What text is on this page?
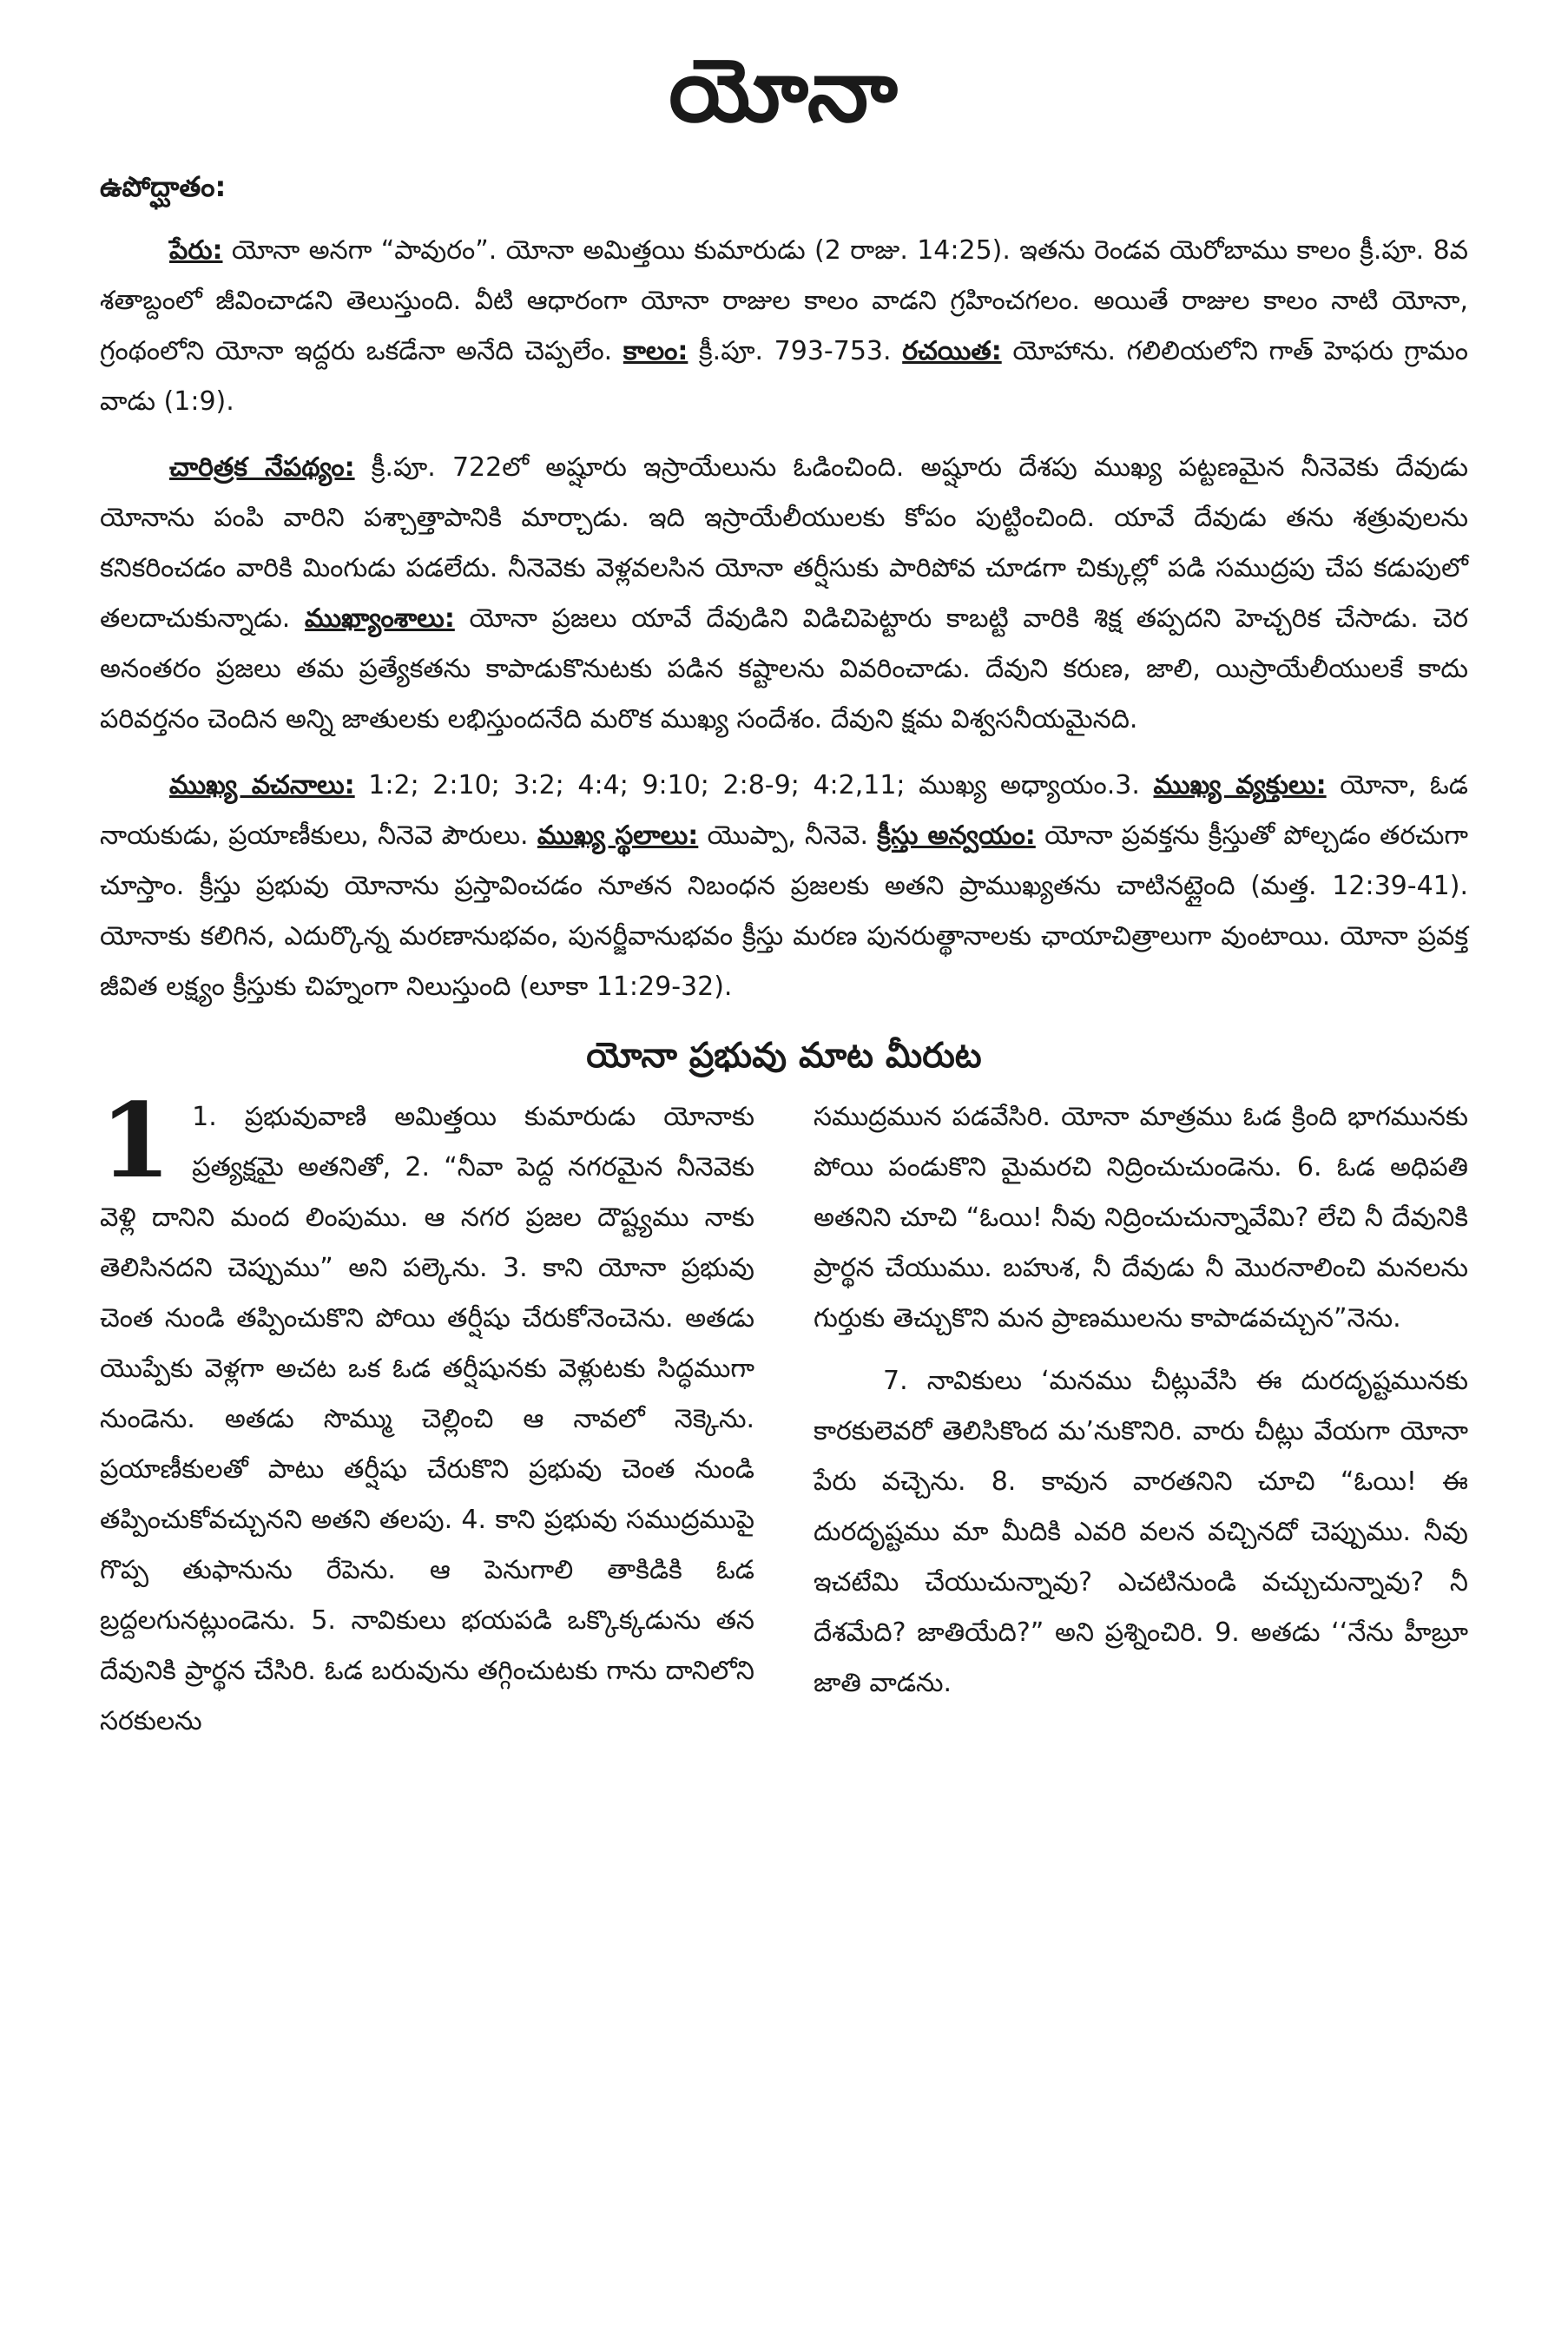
యోనా
ఉపోద్ఘాతం:

పేరు: యోనా అనగా “పావురం”. యోనా అమిత్తయి కుమారుడు (2 రాజు. 14:25). ఇతను రెండవ యెరోబాము కాలం క్రీ.పూ. 8వ శతాబ్దంలో జీవించాడని తెలుస్తుంది. వీటి ఆధారంగా యోనా రాజుల కాలం వాడని గ్రహించగలం. అయితే రాజుల కాలం నాటి యోనా, గ్రంథంలోని యోనా ఇద్దరు ఒకడేనా అనేది చెప్పలేం. కాలం: క్రీ.పూ. 793-753. రచయిత: యోహాను. గలిలియలోని గాత్ హెఫరు గ్రామం వాడు (1:9).

చారిత్రక నేపథ్యం: క్రీ.పూ. 722లో అష్షూరు ఇస్రాయేలును ఓడించింది. అష్షూరు దేశపు ముఖ్య పట్టణమైన నీనెవెకు దేవుడు యోనాను పంపి వారిని పశ్చాత్తాపానికి మార్చాడు. ఇది ఇస్రాయేలీయులకు కోపం పుట్టించింది. యావే దేవుడు తను శత్రువులను కనికరించడం వారికి మింగుడు పడలేదు. నీనెవెకు వెళ్లవలసిన యోనా తర్షీసుకు పారిపోవ చూడగా చిక్కుల్లో పడి సముద్రపు చేప కడుపులో తలదాచుకున్నాడు. ముఖ్యాంశాలు: యోనా ప్రజలు యావే దేవుడిని విడిచిపెట్టారు కాబట్టి వారికి శిక్ష తప్పదని హెచ్చరిక చేసాడు. చెర అనంతరం ప్రజలు తమ ప్రత్యేకతను కాపాడుకొనుటకు పడిన కష్టాలను వివరించాడు. దేవుని కరుణ, జాలి, యిస్రాయేలీయులకే కాదు పరివర్తనం చెందిన అన్ని జాతులకు లభిస్తుందనేది మరొక ముఖ్య సందేశం. దేవుని క్షమ విశ్వసనీయమైనది.

ముఖ్య వచనాలు: 1:2; 2:10; 3:2; 4:4; 9:10; 2:8-9; 4:2,11; ముఖ్య అధ్యాయం.3. ముఖ్య వ్యక్తులు: యోనా, ఓడ నాయకుడు, ప్రయాణీకులు, నీనెవె పౌరులు. ముఖ్య స్థలాలు: యొప్పా, నీనెవె. క్రీస్తు అన్వయం: యోనా ప్రవక్తను క్రీస్తుతో పోల్చడం తరచుగా చూస్తాం. క్రీస్తు ప్రభువు యోనాను ప్రస్తావించడం నూతన నిబంధన ప్రజలకు అతని ప్రాముఖ్యతను చాటినట్లైంది (మత్త. 12:39-41). యోనాకు కలిగిన, ఎదుర్కొన్న మరణానుభవం, పునర్జీవానుభవం క్రీస్తు మరణ పునరుత్థానాలకు ఛాయాచిత్రాలుగా వుంటాయి. యోనా ప్రవక్త జీవిత లక్ష్యం క్రీస్తుకు చిహ్నంగా నిలుస్తుంది (లూకా 11:29-32).

యోనా ప్రభువు మాట మీరుట

1 1. ప్రభువువాణి అమిత్తయి కుమారుడు యోనాకు ప్రత్యక్షమై అతనితో, 2. “నీవా పెద్ద నగరమైన నీనెవెకు వెళ్లి దానిని మంద లింపుము. ఆ నగర ప్రజల దౌష్ట్యము నాకు తెలిసినదని చెప్పుము” అని పల్కెను. 3. కాని యోనా ప్రభువు చెంత నుండి తప్పించుకొని పోయి తర్షీషు చేరుకోనెంచెను. అతడు యొప్పేకు వెళ్లగా అచట ఒక ఓడ తర్షీషునకు వెళ్లుటకు సిద్ధముగా నుండెను. అతడు సొమ్ము చెల్లించి ఆ నావలో నెక్కెను. ప్రయాణీకులతో పాటు తర్షీషు చేరుకొని ప్రభువు చెంత నుండి తప్పించుకోవచ్చునని అతని తలపు. 4. కాని ప్రభువు సముద్రముపై గొప్ప తుఫానును రేపెను. ఆ పెనుగాలి తాకిడికి ఓడ బ్రద్దలగునట్లుండెను. 5. నావికులు భయపడి ఒక్కొక్కడును తన దేవునికి ప్రార్థన చేసిరి. ఓడ బరువును తగ్గించుటకు గాను దానిలోని సరకులను

సముద్రమున పడవేసిరి. యోనా మాత్రము ఓడ క్రింది భాగమునకు పోయి పండుకొని మైమరచి నిద్రించుచుండెను. 6. ఓడ అధిపతి అతనిని చూచి “ఓయి! నీవు నిద్రించుచున్నావేమి? లేచి నీ దేవునికి ప్రార్థన చేయుము. బహుశ, నీ దేవుడు నీ మొరనాలించి మనలను గుర్తుకు తెచ్చుకొని మన ప్రాణములను కాపాడవచ్చున”నెను.

7. నావికులు ‘మనము చీట్లువేసి ఈ దురదృష్టమునకు కారకులెవరో తెలిసికొంద మ’నుకొనిరి. వారు చీట్లు వేయగా యోనా పేరు వచ్చెను. 8. కావున వారతనిని చూచి “ఓయి! ఈ దురదృష్టము మా మీదికి ఎవరి వలన వచ్చినదో చెప్పుము. నీవు ఇచటేమి చేయుచున్నావు? ఎచటినుండి వచ్చుచున్నావు? నీ దేశమేది? జాతియేది?” అని ప్రశ్నించిరి. 9. అతడు ‘‘నేను హీబ్రూ జాతి వాడను.
